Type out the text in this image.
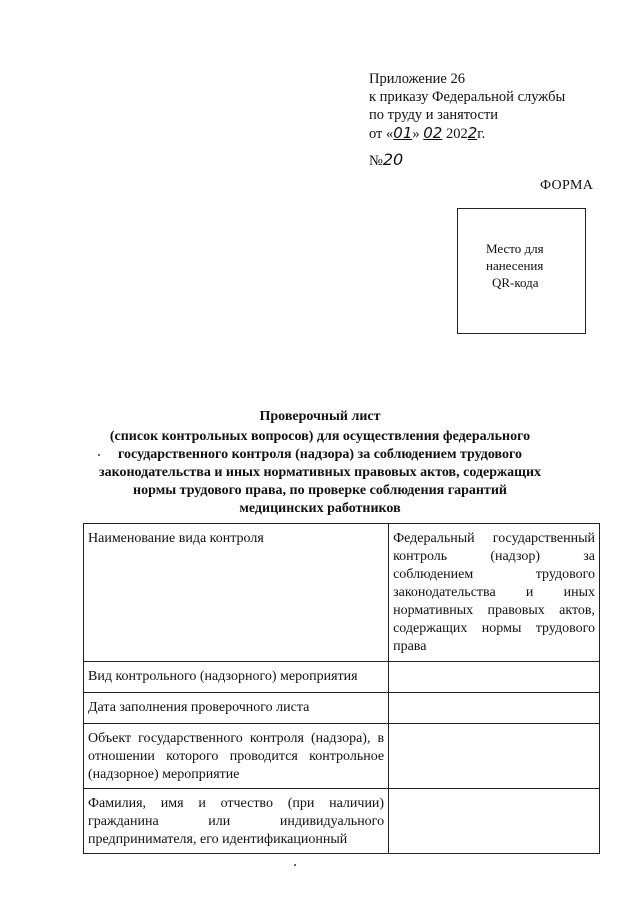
Приложение 26
к приказу Федеральной службы
по труду и занятости
от «01» 02 2022г.
№20
ФОРМА
Место для
нанесения
QR-кода
Проверочный лист
(список контрольных вопросов) для осуществления федерального государственного контроля (надзора) за соблюдением трудового законодательства и иных нормативных правовых актов, содержащих нормы трудового права, по проверке соблюдения гарантий медицинских работников
Наименование вида контроля	Федеральный государственный контроль (надзор) за соблюдением трудового законодательства и иных нормативных правовых актов, содержащих нормы трудового права
Вид контрольного (надзорного) мероприятия	
Дата заполнения проверочного листа	
Объект государственного контроля (надзора), в отношении которого проводится контрольное (надзорное) мероприятие	
Фамилия, имя и отчество (при наличии) гражданина или индивидуального предпринимателя, его идентификационный	
